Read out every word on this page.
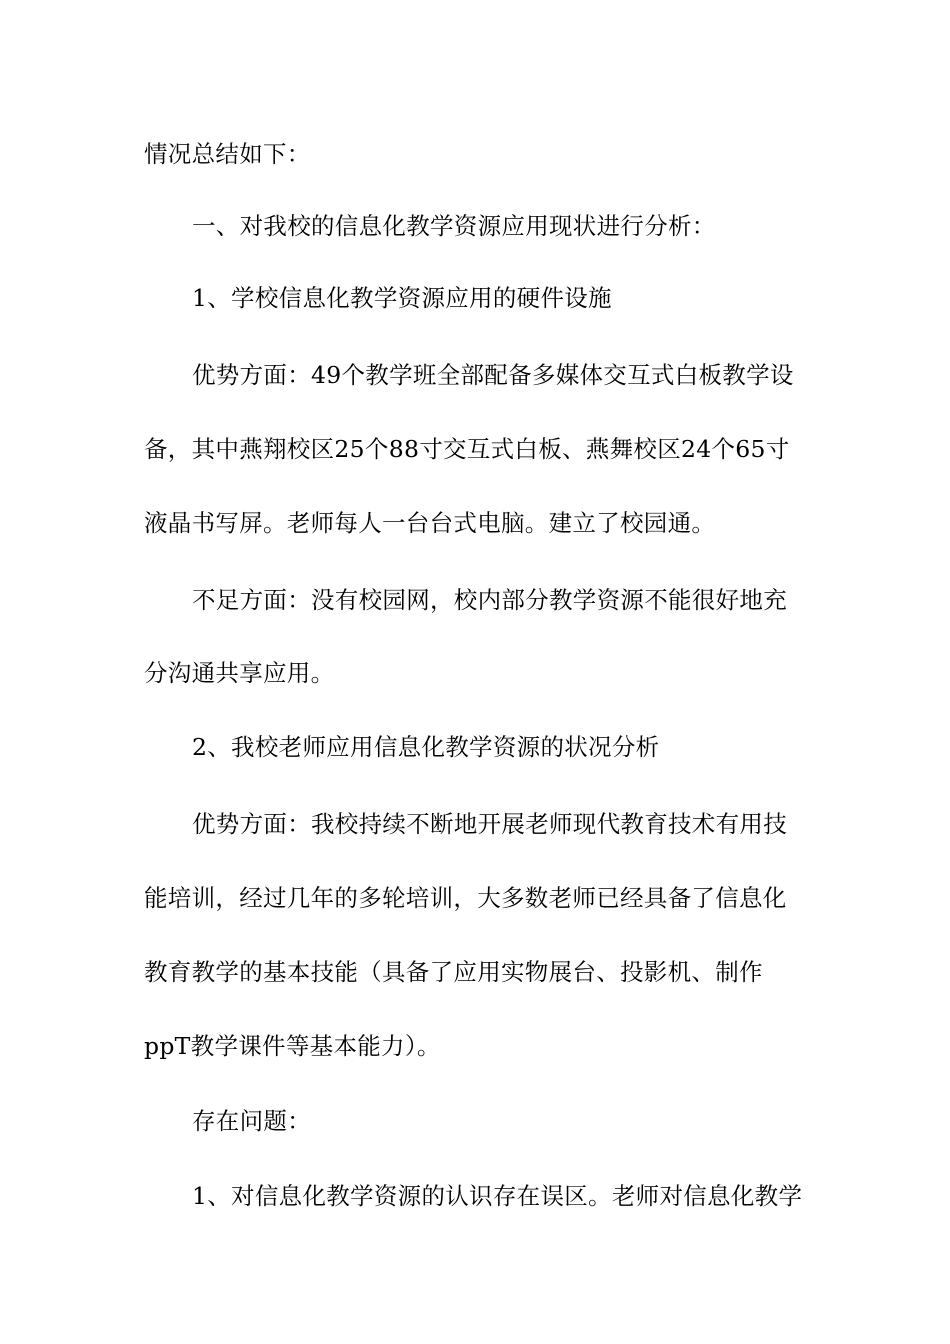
情况总结如下：
一、对我校的信息化教学资源应用现状进行分析：
1、学校信息化教学资源应用的硬件设施
优势方面：49个教学班全部配备多媒体交互式白板教学设
备，其中燕翔校区25个88寸交互式白板、燕舞校区24个65寸
液晶书写屏。老师每人一台台式电脑。建立了校园通。
不足方面：没有校园网，校内部分教学资源不能很好地充
分沟通共享应用。
2、我校老师应用信息化教学资源的状况分析
优势方面：我校持续不断地开展老师现代教育技术有用技
能培训，经过几年的多轮培训，大多数老师已经具备了信息化
教育教学的基本技能（具备了应用实物展台、投影机、制作
ppT教学课件等基本能力）。
存在问题：
1、对信息化教学资源的认识存在误区。老师对信息化教学
